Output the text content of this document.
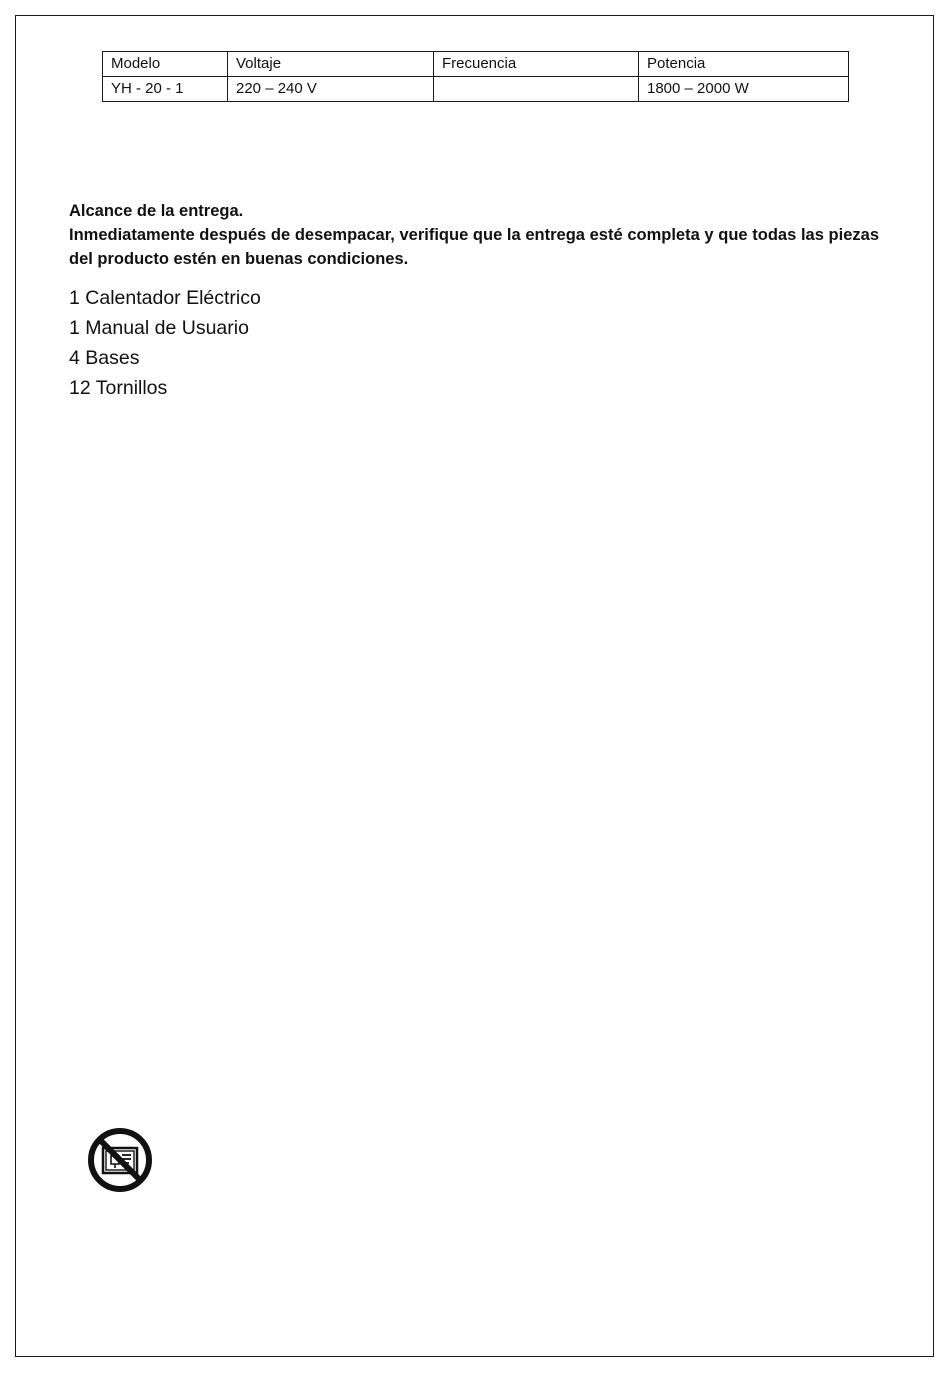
Modelo	Voltaje	Frecuencia	Potencia
YH - 20 - 1	220 – 240 V		1800 – 2000 W

Alcance de la entrega.

Inmediatamente después de desempacar, verifique que la entrega esté completa y que todas las piezas del producto estén en buenas condiciones.

1 Calentador Eléctrico
1 Manual de Usuario
4 Bases
12 Tornillos
